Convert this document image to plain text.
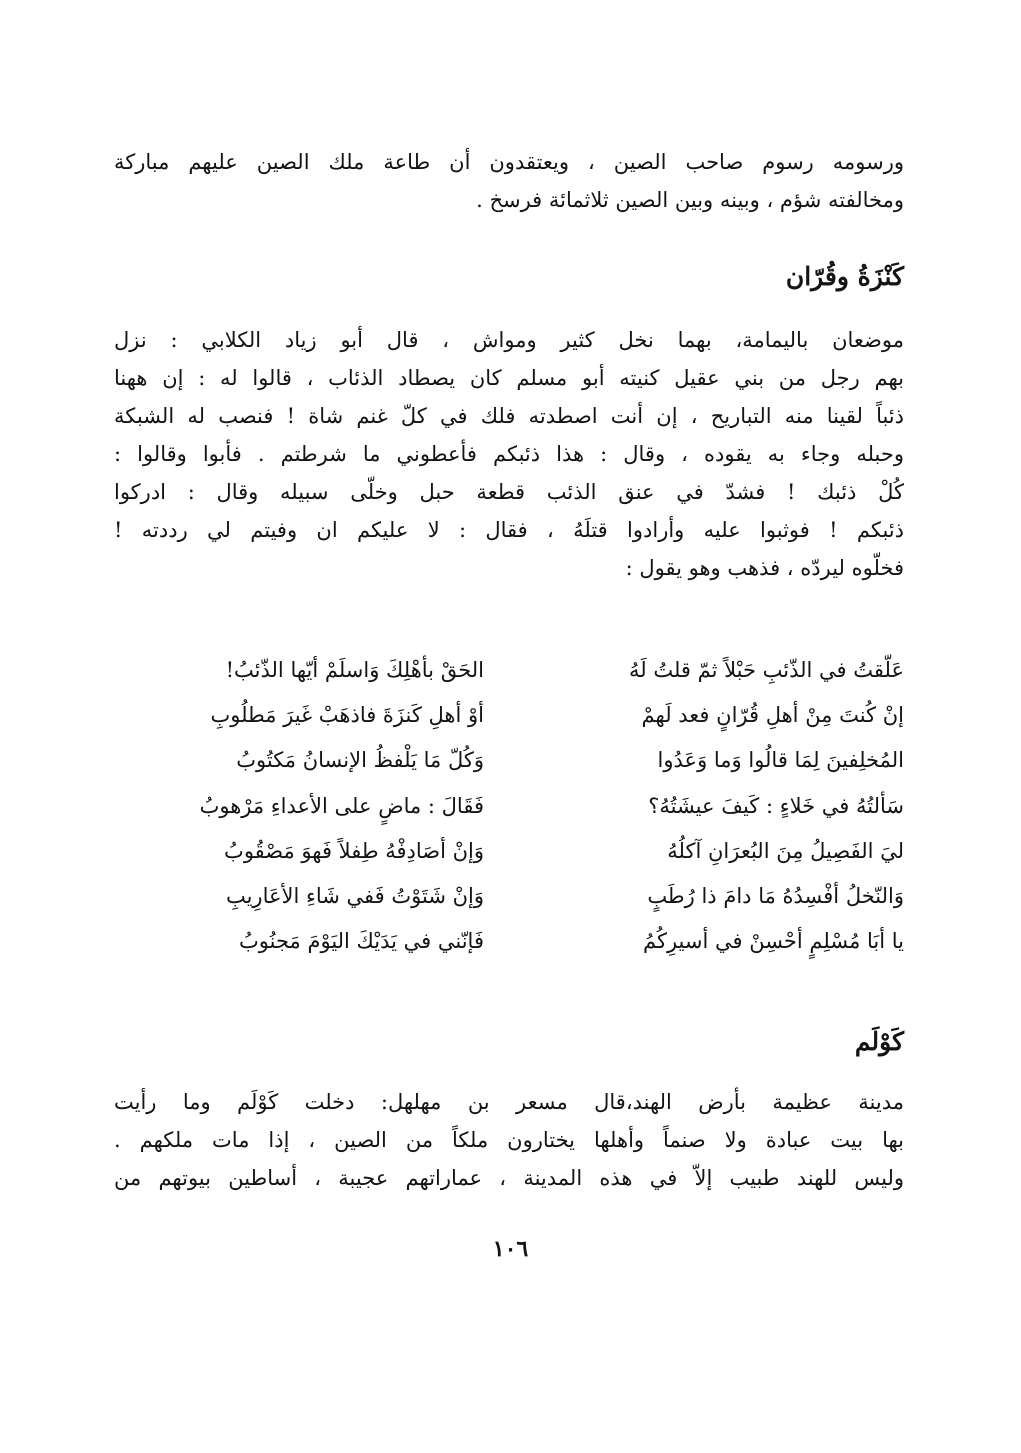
ورسومه رسوم صاحب الصين ، ويعتقدون أن طاعة ملك الصين عليهم مباركة
ومخالفته شؤم ، وبينه وبين الصين ثلاثمائة فرسخ .
كَنْزَةُ وقُرّان
موضعان باليمامة، بهما نخل كثير ومواش ، قال أبو زياد الكلابي : نزل
بهم رجل من بني عقيل كنيته أبو مسلم كان يصطاد الذئاب ، قالوا له : إن ههنا
ذئباً لقينا منه التباريح ، إن أنت اصطدته فلك في كلّ غنم شاة ! فنصب له الشبكة
وحبله وجاء به يقوده ، وقال : هذا ذئبكم فأعطوني ما شرطتم . فأبوا وقالوا :
كُلْ ذئبك ! فشدّ في عنق الذئب قطعة حبل وخلّى سبيله وقال : ادركوا
ذئبكم ! فوثبوا عليه وأرادوا قتلَهُ ، فقال : لا عليكم ان وفيتم لي رددته !
فخلّوه ليردّه ، فذهب وهو يقول :
عَلّقتُ في الذّئبِ حَبْلاً ثمّ قلتُ لَهُ
الحَقْ بأهْلِكَ وَاسلَمْ أيّها الذّئبُ!
إنْ كُنتَ مِنْ أهلِ قُرّانٍ فعد لَهمْ
أوْ أهلِ كَنزَةَ فاذهَبْ غَيرَ مَطلُوبِ
المُخلِفينَ لِمَا قالُوا وَما وَعَدُوا
وَكُلّ مَا يَلْفظُ الإنسانُ مَكتُوبُ
سَألتُهُ في خَلاءٍ : كَيفَ عيشَتُهُ؟
فَقَالَ : ماضٍ على الأعداءِ مَرْهوبُ
ليَ الفَصِيلُ مِنَ البُعرَانِ آكلُهُ
وَإنْ أصَادِفْهُ طِفلاً فَهوَ مَصْقُوبُ
وَالنّخلُ أفْسِدُهُ مَا دامَ ذا رُطَبٍ
وَإنْ شَتَوْتُ فَفي شَاءِ الأعَارِيبِ
يا أبَا مُسْلِمٍ أحْسِنْ في أسيرِكُمُ
فَإنّني في يَدَيْكَ اليَوْمَ مَجنُوبُ
كَوْلَم
مدينة عظيمة بأرض الهند،قال مسعر بن مهلهل: دخلت كَوْلَم وما رأيت
بها بيت عبادة ولا صنماً وأهلها يختارون ملكاً من الصين ، إذا مات ملكهم .
وليس للهند طبيب إلاّ في هذه المدينة ، عماراتهم عجيبة ، أساطين بيوتهم من
١٠٦
